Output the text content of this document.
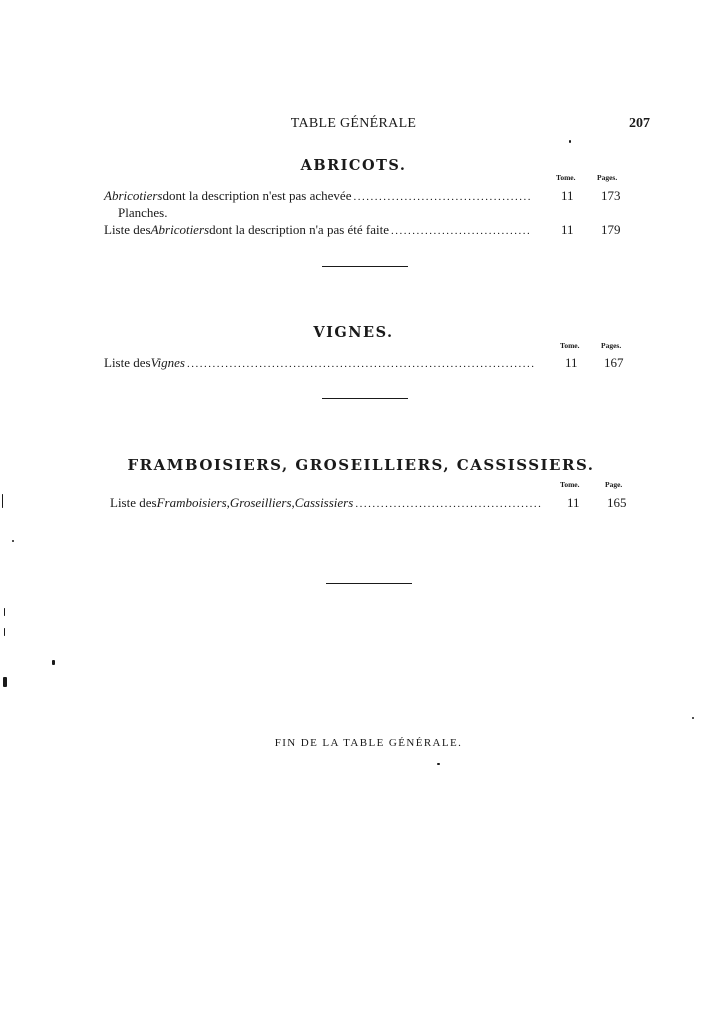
TABLE GÉNÉRALE	207
ABRICOTS.
Tome.	Pages.
Abricotiers dont la description n'est pas achevée .....	11 173
Planches.
Liste des Abricotiers dont la description n'a pas été faite .....	11 179
VIGNES.
Tome.	Pages.
Liste des Vignes .....	11 167
FRAMBOISIERS, GROSEILLIERS, CASSISSIERS.
Tome.	Page.
Liste des Framboisiers , Groseilliers , Cassissiers .....	11 165
FIN DE LA TABLE GÉNÉRALE.
